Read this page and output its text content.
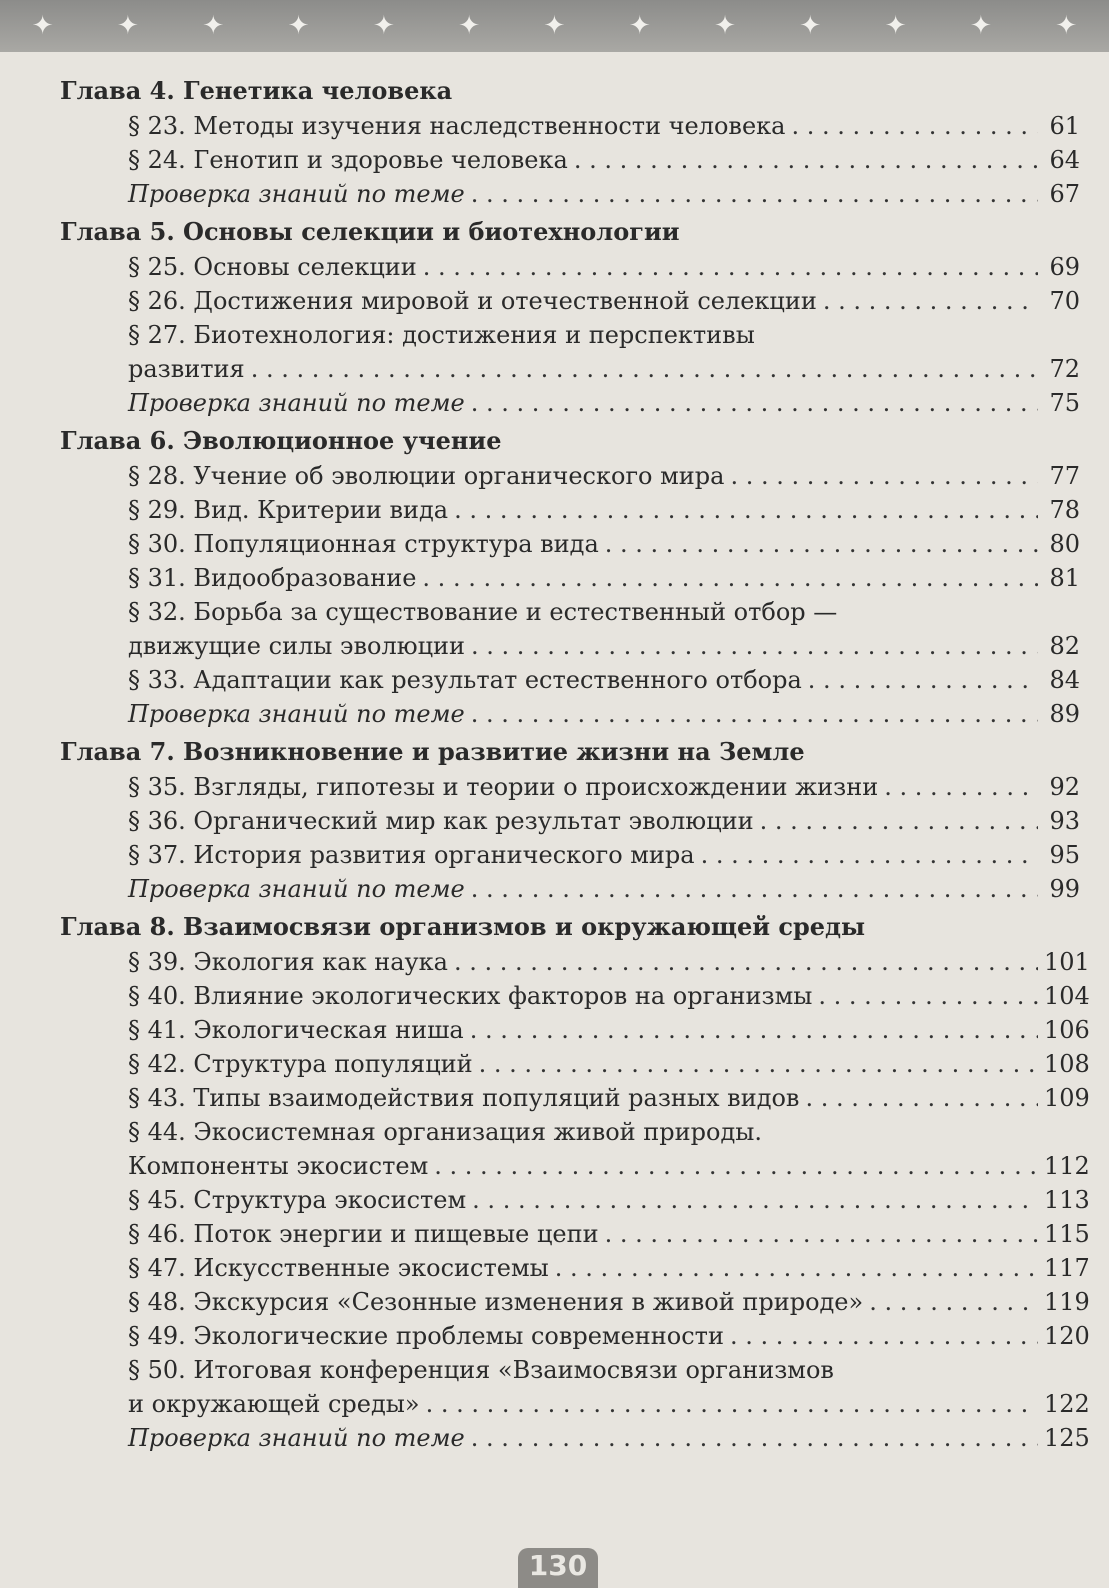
✦ ✦ ✦ ✦ ✦ ✦ ✦ ✦ ✦ ✦ ✦ ✦ ✦
Глава 4. Генетика человека
§ 23. Методы изучения наследственности человека . . .	61
§ 24. Генотип и здоровье человека . . .	64
Проверка знаний по теме . . .	67
Глава 5. Основы селекции и биотехнологии
§ 25. Основы селекции . . .	69
§ 26. Достижения мировой и отечественной селекции . . .	70
§ 27. Биотехнология: достижения и перспективы
развития . . .	72
Проверка знаний по теме . . .	75
Глава 6. Эволюционное учение
§ 28. Учение об эволюции органического мира . . .	77
§ 29. Вид. Критерии вида . . .	78
§ 30. Популяционная структура вида . . .	80
§ 31. Видообразование . . .	81
§ 32. Борьба за существование и естественный отбор —
движущие силы эволюции . . .	82
§ 33. Адаптации как результат естественного отбора . . .	84
Проверка знаний по теме . . .	89
Глава 7. Возникновение и развитие жизни на Земле
§ 35. Взгляды, гипотезы и теории о происхождении жизни . . .	92
§ 36. Органический мир как результат эволюции . . .	93
§ 37. История развития органического мира . . .	95
Проверка знаний по теме . . .	99
Глава 8. Взаимосвязи организмов и окружающей среды
§ 39. Экология как наука . . .	101
§ 40. Влияние экологических факторов на организмы . . .	104
§ 41. Экологическая ниша . . .	106
§ 42. Структура популяций . . .	108
§ 43. Типы взаимодействия популяций разных видов . . .	109
§ 44. Экосистемная организация живой природы.
Компоненты экосистем . . .	112
§ 45. Структура экосистем . . .	113
§ 46. Поток энергии и пищевые цепи . . .	115
§ 47. Искусственные экосистемы . . .	117
§ 48. Экскурсия «Сезонные изменения в живой природе» . . .	119
§ 49. Экологические проблемы современности . . .	120
§ 50. Итоговая конференция «Взаимосвязи организмов
и окружающей среды» . . .	122
Проверка знаний по теме . . .	125
130
